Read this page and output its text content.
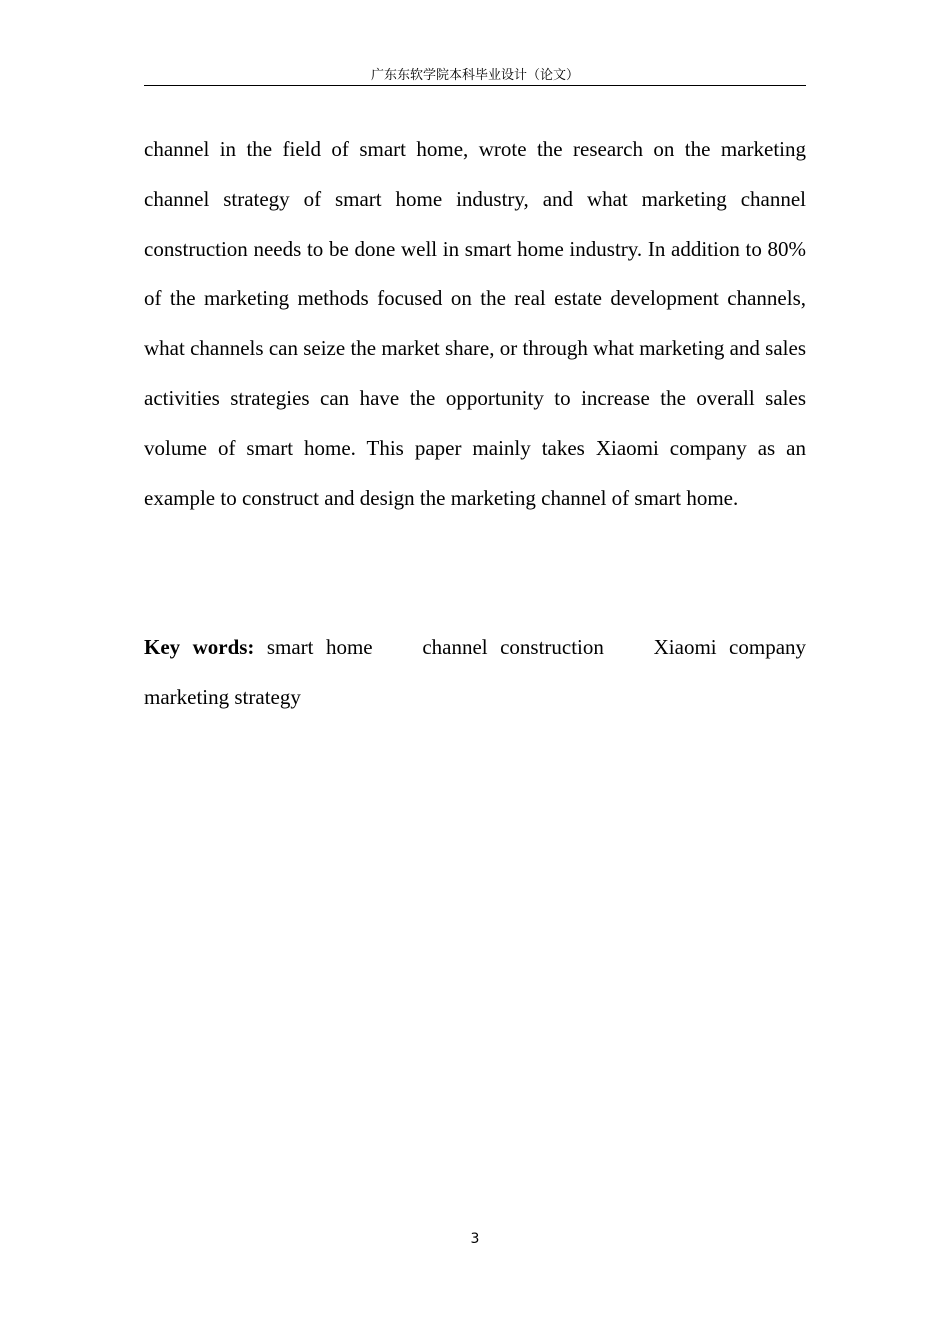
广东东软学院本科毕业设计（论文）

channel in the field of smart home, wrote the research on the marketing channel strategy of smart home industry, and what marketing channel construction needs to be done well in smart home industry. In addition to 80% of the marketing methods focused on the real estate development channels, what channels can seize the market share, or through what marketing and sales activities strategies can have the opportunity to increase the overall sales volume of smart home. This paper mainly takes Xiaomi company as an example to construct and design the marketing channel of smart home.

Key words: smart home channel construction Xiaomi company marketing strategy

3
